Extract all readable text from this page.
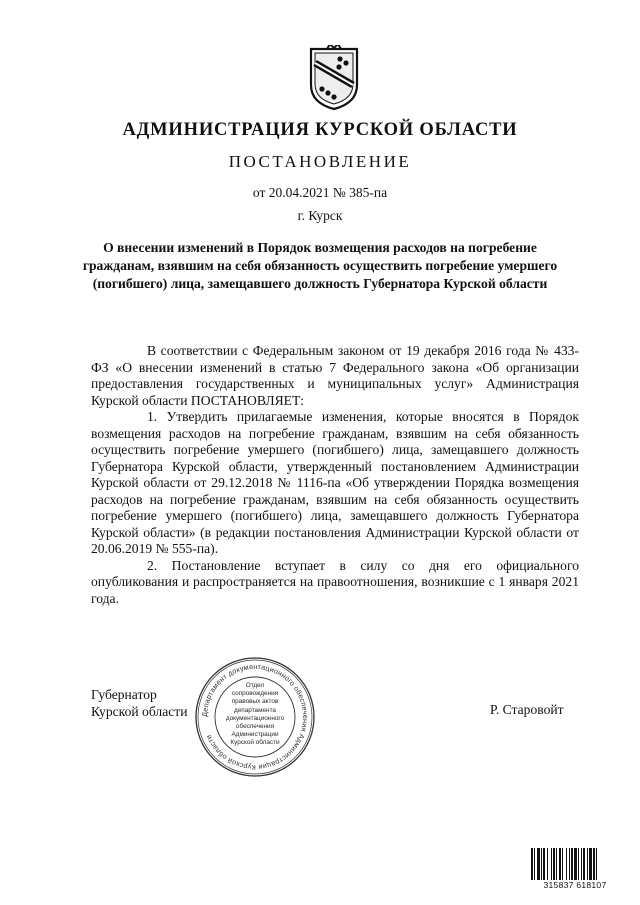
АДМИНИСТРАЦИЯ КУРСКОЙ ОБЛАСТИ
ПОСТАНОВЛЕНИЕ
от 20.04.2021 № 385-па
г. Курск
О внесении изменений в Порядок возмещения расходов на погребение гражданам, взявшим на себя обязанность осуществить погребение умершего (погибшего) лица, замещавшего должность Губернатора Курской области

В соответствии с Федеральным законом от 19 декабря 2016 года № 433-ФЗ «О внесении изменений в статью 7 Федерального закона «Об организации предоставления государственных и муниципальных услуг» Администрация Курской области ПОСТАНОВЛЯЕТ:

1. Утвердить прилагаемые изменения, которые вносятся в Порядок возмещения расходов на погребение гражданам, взявшим на себя обязанность осуществить погребение умершего (погибшего) лица, замещавшего должность Губернатора Курской области, утвержденный постановлением Администрации Курской области от 29.12.2018 № 1116-па «Об утверждении Порядка возмещения расходов на погребение гражданам, взявшим на себя обязанность осуществить погребение умершего (погибшего) лица, замещавшего должность Губернатора Курской области» (в редакции постановления Администрации Курской области от 20.06.2019 № 555-па).

2. Постановление вступает в силу со дня его официального опубликования и распространяется на правоотношения, возникшие с 1 января 2021 года.

Губернатор
Курской области	Р. Старовойт
Департамент документационного обеспечения Администрации Курской области
Отдел
сопровождения
правовых актов
департамента
документационного
обеспечения
Администрации
Курской области
315837 618107
